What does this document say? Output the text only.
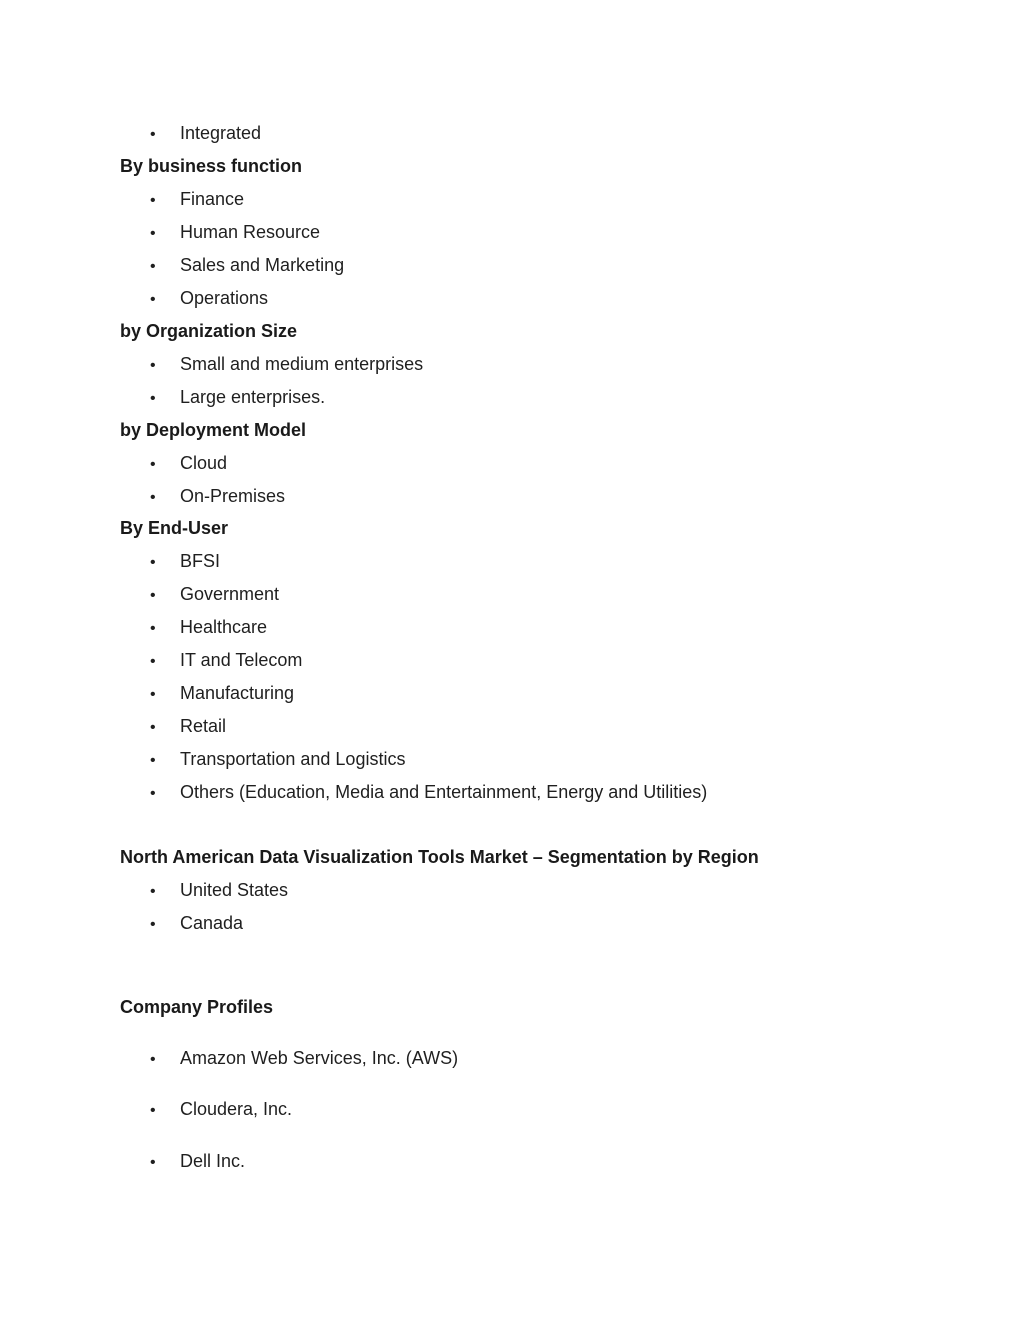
• Integrated
By business function
• Finance
• Human Resource
• Sales and Marketing
• Operations
by Organization Size
• Small and medium enterprises
• Large enterprises.
by Deployment Model
• Cloud
• On-Premises
By End-User
• BFSI
• Government
• Healthcare
• IT and Telecom
• Manufacturing
• Retail
• Transportation and Logistics
• Others (Education, Media and Entertainment, Energy and Utilities)
North American Data Visualization Tools Market – Segmentation by Region
• United States
• Canada
Company Profiles
• Amazon Web Services, Inc. (AWS)
• Cloudera, Inc.
• Dell Inc.
